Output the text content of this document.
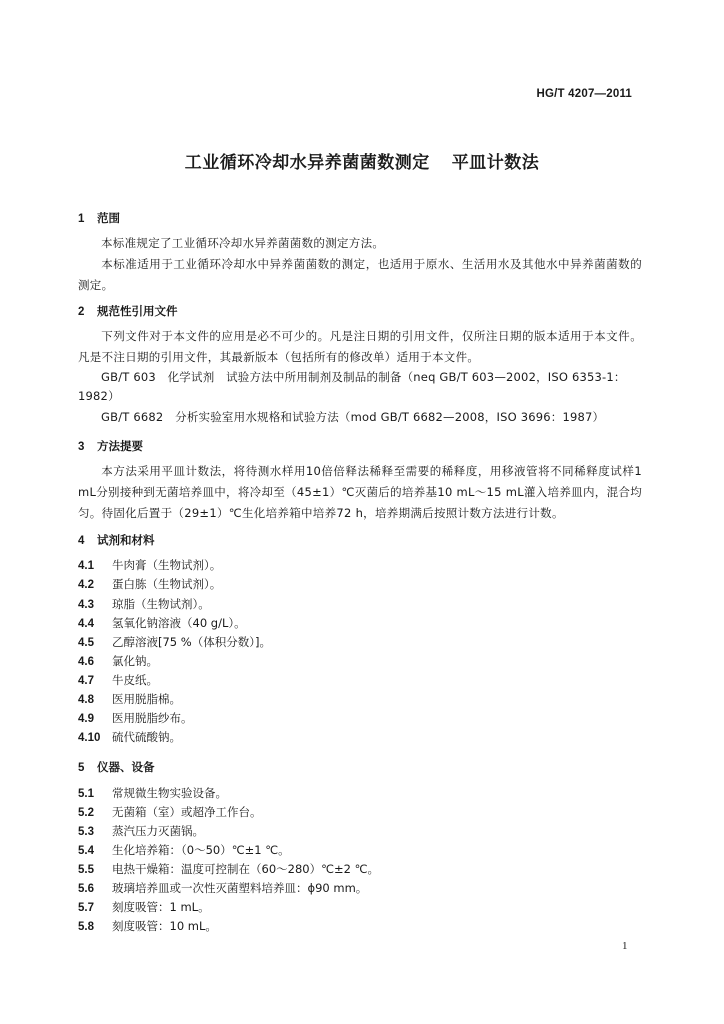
HG/T 4207—2011
工业循环冷却水异养菌菌数测定 平皿计数法
1 范围
本标准规定了工业循环冷却水异养菌菌数的测定方法。
本标准适用于工业循环冷却水中异养菌菌数的测定，也适用于原水、生活用水及其他水中异养菌菌数的测定。
2 规范性引用文件
下列文件对于本文件的应用是必不可少的。凡是注日期的引用文件，仅所注日期的版本适用于本文件。凡是不注日期的引用文件，其最新版本（包括所有的修改单）适用于本文件。
GB/T 603　化学试剂　试验方法中所用制剂及制品的制备（neq GB/T 603—2002，ISO 6353-1：1982）
GB/T 6682　分析实验室用水规格和试验方法（mod GB/T 6682—2008，ISO 3696：1987）
3 方法提要
本方法采用平皿计数法，将待测水样用10倍倍释法稀释至需要的稀释度，用移液管将不同稀释度试样1 mL分别接种到无菌培养皿中，将冷却至（45±1）℃灭菌后的培养基10 mL～15 mL灌入培养皿内，混合均匀。待固化后置于（29±1）℃生化培养箱中培养72 h，培养期满后按照计数方法进行计数。
4 试剂和材料
4.1 牛肉膏（生物试剂）。
4.2 蛋白胨（生物试剂）。
4.3 琼脂（生物试剂）。
4.4 氢氧化钠溶液（40 g/L）。
4.5 乙醇溶液[75 %（体积分数）]。
4.6 氯化钠。
4.7 牛皮纸。
4.8 医用脱脂棉。
4.9 医用脱脂纱布。
4.10 硫代硫酸钠。
5 仪器、设备
5.1 常规微生物实验设备。
5.2 无菌箱（室）或超净工作台。
5.3 蒸汽压力灭菌锅。
5.4 生化培养箱：（0～50）℃±1 ℃。
5.5 电热干燥箱：温度可控制在（60～280）℃±2 ℃。
5.6 玻璃培养皿或一次性灭菌塑料培养皿：ϕ90 mm。
5.7 刻度吸管：1 mL。
5.8 刻度吸管：10 mL。
1
